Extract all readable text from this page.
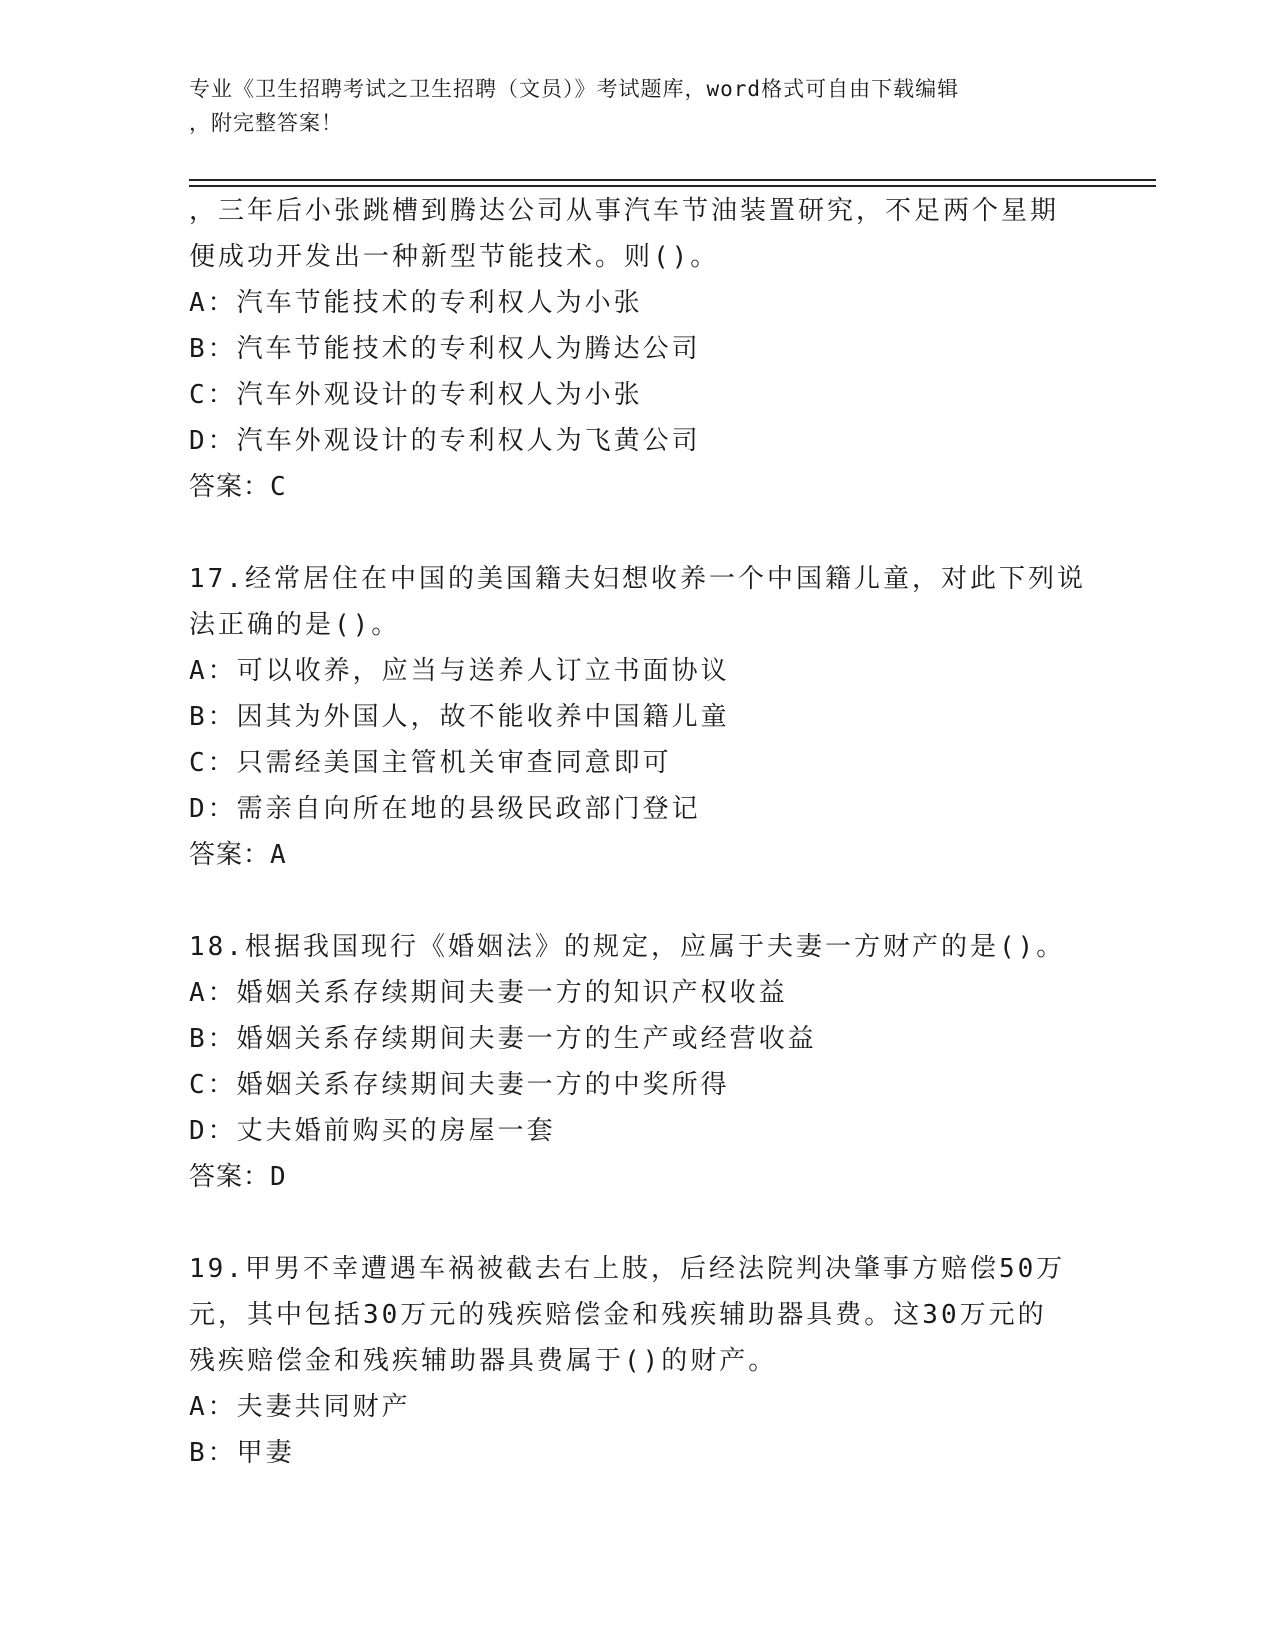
专业《卫生招聘考试之卫生招聘（文员）》考试题库，word格式可自由下载编辑
，附完整答案！
，三年后小张跳槽到腾达公司从事汽车节油装置研究，不足两个星期
便成功开发出一种新型节能技术。则()。
A：汽车节能技术的专利权人为小张
B：汽车节能技术的专利权人为腾达公司
C：汽车外观设计的专利权人为小张
D：汽车外观设计的专利权人为飞黄公司
答案：C
17.经常居住在中国的美国籍夫妇想收养一个中国籍儿童，对此下列说
法正确的是()。
A：可以收养，应当与送养人订立书面协议
B：因其为外国人，故不能收养中国籍儿童
C：只需经美国主管机关审查同意即可
D：需亲自向所在地的县级民政部门登记
答案：A
18.根据我国现行《婚姻法》的规定，应属于夫妻一方财产的是()。
A：婚姻关系存续期间夫妻一方的知识产权收益
B：婚姻关系存续期间夫妻一方的生产或经营收益
C：婚姻关系存续期间夫妻一方的中奖所得
D：丈夫婚前购买的房屋一套
答案：D
19.甲男不幸遭遇车祸被截去右上肢，后经法院判决肇事方赔偿50万
元，其中包括30万元的残疾赔偿金和残疾辅助器具费。这30万元的
残疾赔偿金和残疾辅助器具费属于()的财产。
A：夫妻共同财产
B：甲妻
